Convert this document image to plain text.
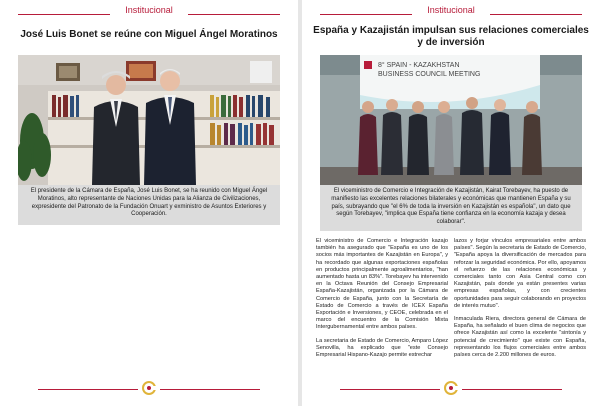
Institucional
José Luis Bonet se reúne con Miguel Ángel Moratinos
El presidente de la Cámara de España, José Luis Bonet, se ha reunido con Miguel Ángel Moratinos, alto representante de Naciones Unidas para la Alianza de Civilizaciones, expresidente del Patronato de la Fundación Onuart y exministro de Asuntos Exteriores y Cooperación.
Institucional
España y Kazajistán impulsan sus relaciones comerciales y de inversión
8° SPAIN - KAZAKHSTAN
BUSINESS COUNCIL MEETING
El viceministro de Comercio e Integración de Kazajistán, Kairat Torebayev, ha puesto de manifiesto las excelentes relaciones bilaterales y económicas que mantienen España y su país, subrayando que "el 6% de toda la inversión en Kazajistán es española", un dato que según Torebayev, "implica que España tiene confianza en la economía kazaja y desea colaborar".

El viceministro de Comercio e Integración kazajo también ha asegurado que "España es uno de los socios más importantes de Kazajistán en Europa", y ha recordado que algunas exportaciones españolas en productos principalmente agroalimentarios, "han aumentado hasta un 83%". Torebayev ha intervenido en la Octava Reunión del Consejo Empresarial España-Kazajistán, organizada por la Cámara de Comercio de España, junto con la Secretaría de Estado de Comercio a través de ICEX España Exportación e Inversiones, y CEOE, celebrada en el marco del encuentro de la Comisión Mixta Intergubernamental entre ambos países.

La secretaria de Estado de Comercio, Amparo López Senovilla, ha explicado que "este Consejo Empresarial Hispano-Kazajo permite estrechar

lazos y forjar vínculos empresariales entre ambos países". Según la secretaria de Estado de Comercio, "España apoya la diversificación de mercados para reforzar la seguridad económica. Por ello, apoyamos el refuerzo de las relaciones económicas y comerciales tanto con Asia Central como con Kazajistán, país donde ya están presentes varias empresas españolas, y con crecientes oportunidades para seguir colaborando en proyectos de interés mutuo".

Inmaculada Riera, directora general de Cámara de España, ha señalado el buen clima de negocios que ofrece Kazajistán así como la excelente "sintonía y potencial de crecimiento" que existe con España, representando los flujos comerciales entre ambos países cerca de 2.200 millones de euros.
